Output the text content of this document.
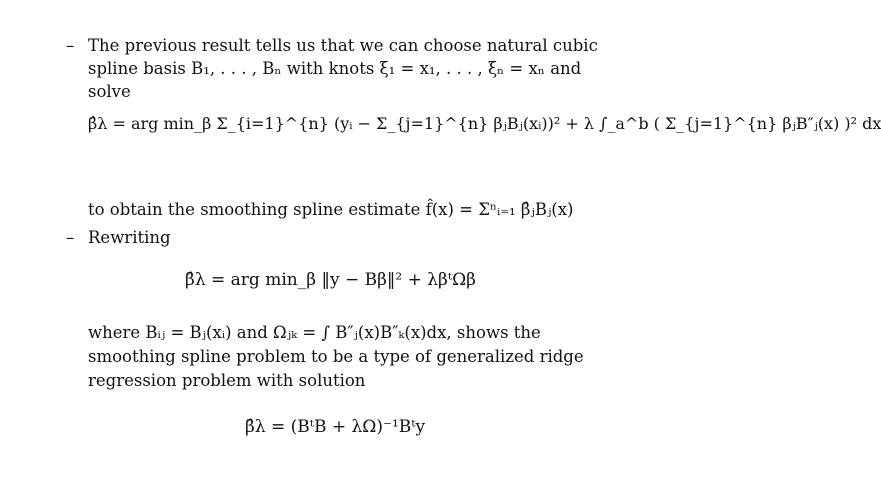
– The previous result tells us that we can choose natural cubic
spline basis B₁, . . . , Bₙ with knots ξ₁ = x₁, . . . , ξₙ = xₙ and
solve
β̂λ = arg min_β Σ_{i=1}^{n} (yᵢ − Σ_{j=1}^{n} βⱼBⱼ(xᵢ))² + λ ∫_a^b ( Σ_{j=1}^{n} βⱼB″ⱼ(x) )² dx
to obtain the smoothing spline estimate f̂(x) = Σⁿᵢ₌₁ β̂ⱼBⱼ(x)
– Rewriting
β̂λ = arg min_β ‖y − Bβ‖² + λβᵗΩβ
where Bᵢⱼ = Bⱼ(xᵢ) and Ωⱼₖ = ∫ B″ⱼ(x)B″ₖ(x)dx, shows the
smoothing spline problem to be a type of generalized ridge
regression problem with solution
β̂λ = (BᵗB + λΩ)⁻¹Bᵗy
